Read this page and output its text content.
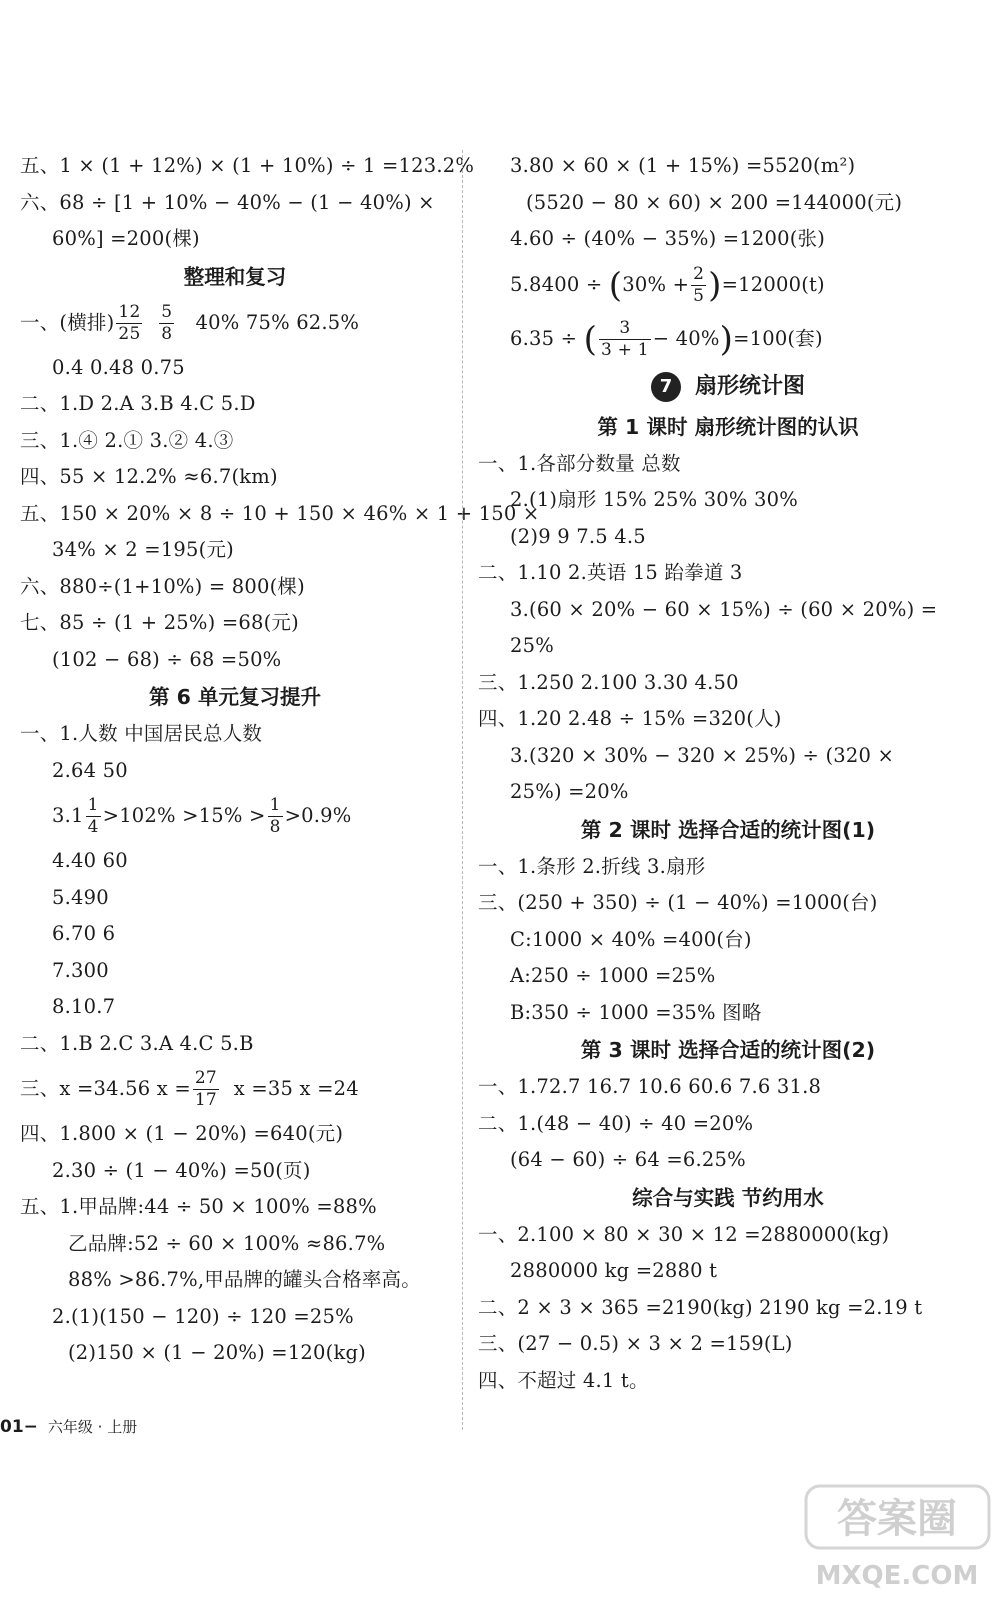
五、1 × (1 + 12%) × (1 + 10%) ÷ 1 =123.2%
六、68 ÷ [1 + 10% − 40% − (1 − 40%) ×
60%] =200(棵)
整理和复习
一、(横排) $\frac{12}{25}$
$\frac{5}{8} 40\%$ 75% 62.5%
0.4 0.48 0.75
二、1.D 2.A 3.B 4.C 5.D
三、1.④ 2.① 3.② 4.③
四、55 × 12.2% ≈6.7(km)
五、150 × 20% × 8 ÷ 10 + 150 × 46% × 1 + 150 ×
34% × 2 =195(元)
六、880÷(1+10%) = 800(棵)
七、85 ÷ (1 + 25%) =68(元)
(102 − 68) ÷ 68 =50%
第 6 单元复习提升
一、1.人数 中国居民总人数
2.64 50
$3.1 \frac{1}{4} >102\% >15\% > \frac{1}{8} >0.9\%$
4.40 60
5.490
6.70 6
7.300
8.10.7
二、1.B 2.C 3.A 4.C 5.B
三、x =34.56 $x = \frac{27}{17}$ x =35 x =24
四、1.800 × (1 − 20%) =640(元)
2.30 ÷ (1 − 40%) =50(页)
五、1.甲品牌:44 ÷ 50 × 100% =88%
乙品牌:52 ÷ 60 × 100% ≈86.7%
88% >86.7%,甲品牌的罐头合格率高。
2.(1)(150 − 120) ÷ 120 =25%
(2)150 × (1 − 20%) =120(kg)
3.80 × 60 × (1 + 15%) =5520(m²)
(5520 − 80 × 60) × 200 =144000(元)
4.60 ÷ (40% − 35%) =1200(张)
$5.8400 \div (30\% + \frac{2}{5} )=12000(t)$
6.35 ÷ ( $\frac{3}{3 + 1} - 40\%)=100$(套)
7 扇形统计图
第 1 课时 扇形统计图的认识
一、1.各部分数量 总数
2.(1)扇形 15% 25% 30% 30%
(2)9 9 7.5 4.5
二、1.10 2.英语 15 跆拳道 3
3.(60 × 20% − 60 × 15%) ÷ (60 × 20%) =
25%
三、1.250 2.100 3.30 4.50
四、1.20 2.48 ÷ 15% =320(人)
3.(320 × 30% − 320 × 25%) ÷ (320 ×
25%) =20%
第 2 课时 选择合适的统计图(1)
一、1.条形 2.折线 3.扇形
三、(250 + 350) ÷ (1 − 40%) =1000(台)
C:1000 × 40% =400(台)
A:250 ÷ 1000 =25%
B:350 ÷ 1000 =35% 图略
第 3 课时 选择合适的统计图(2)
一、1.72.7 16.7 10.6 60.6 7.6 31.8
二、1.(48 − 40) ÷ 40 =20%
(64 − 60) ÷ 64 =6.25%
综合与实践 节约用水
一、2.100 × 80 × 30 × 12 =2880000(kg)
2880000 kg =2880 t
二、2 × 3 × 365 =2190(kg) 2190 kg =2.19 t
三、(27 − 0.5) × 3 × 2 =159(L)
四、不超过 4.1 t。
01− 六年级 · 上册
答案圈
MXQE.COM
